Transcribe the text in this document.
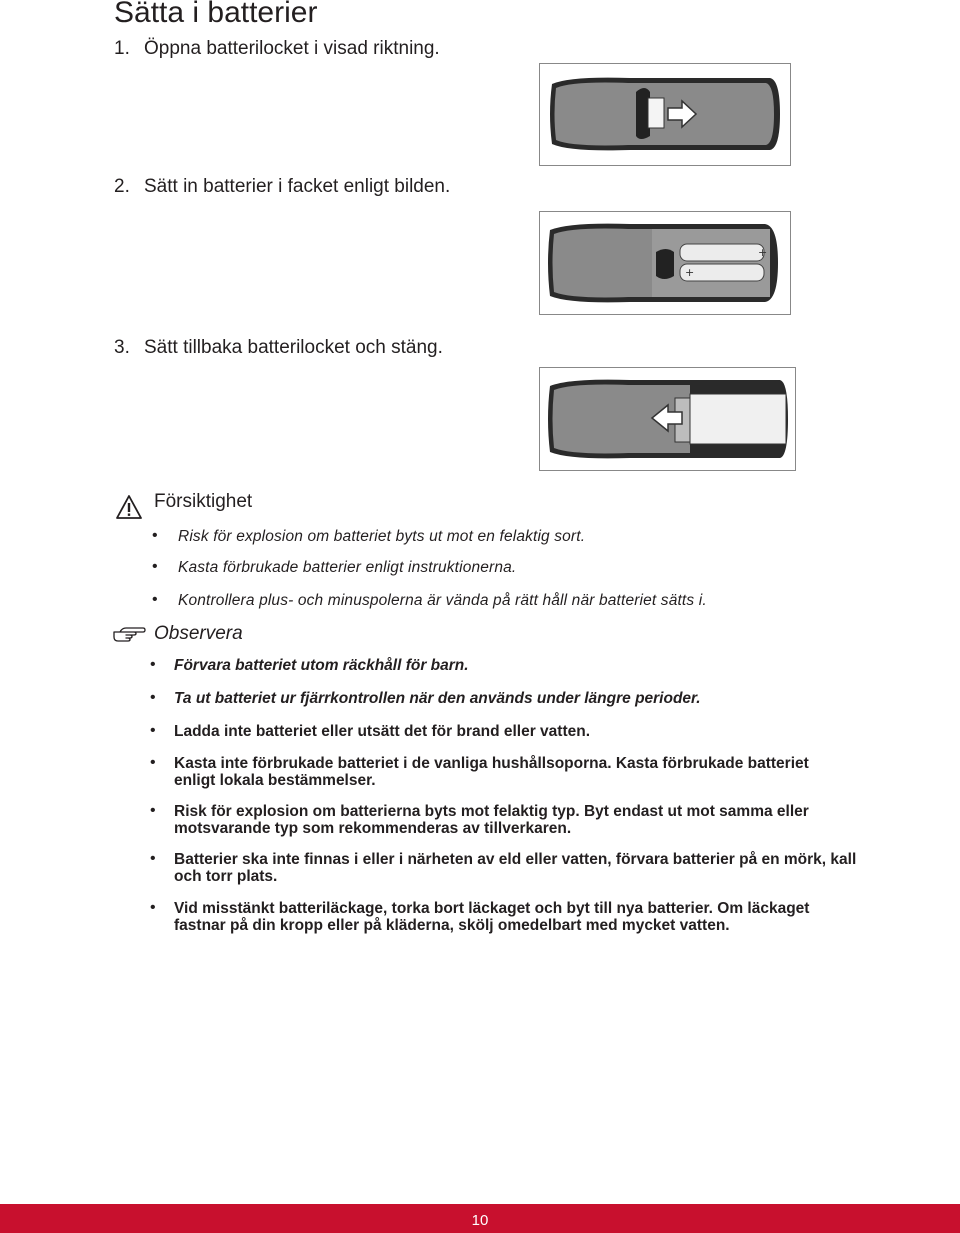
Sätta i batterier
1. Öppna batterilocket i visad riktning.
2. Sätt in batterier i facket enligt bilden.
3. Sätt tillbaka batterilocket och stäng.
+
+
Försiktighet
• Risk för explosion om batteriet byts ut mot en felaktig sort.
• Kasta förbrukade batterier enligt instruktionerna.
• Kontrollera plus- och minuspolerna är vända på rätt håll när batteriet sätts i.
Observera
• Förvara batteriet utom räckhåll för barn.
• Ta ut batteriet ur fjärrkontrollen när den används under längre perioder.
• Ladda inte batteriet eller utsätt det för brand eller vatten.
• Kasta inte förbrukade batteriet i de vanliga hushållsoporna. Kasta förbrukade batteriet enligt lokala bestämmelser.
• Risk för explosion om batterierna byts mot felaktig typ. Byt endast ut mot samma eller motsvarande typ som rekommenderas av tillverkaren.
• Batterier ska inte finnas i eller i närheten av eld eller vatten, förvara batterier på en mörk, kall och torr plats.
• Vid misstänkt batteriläckage, torka bort läckaget och byt till nya batterier. Om läckaget fastnar på din kropp eller på kläderna, skölj omedelbart med mycket vatten.
10
